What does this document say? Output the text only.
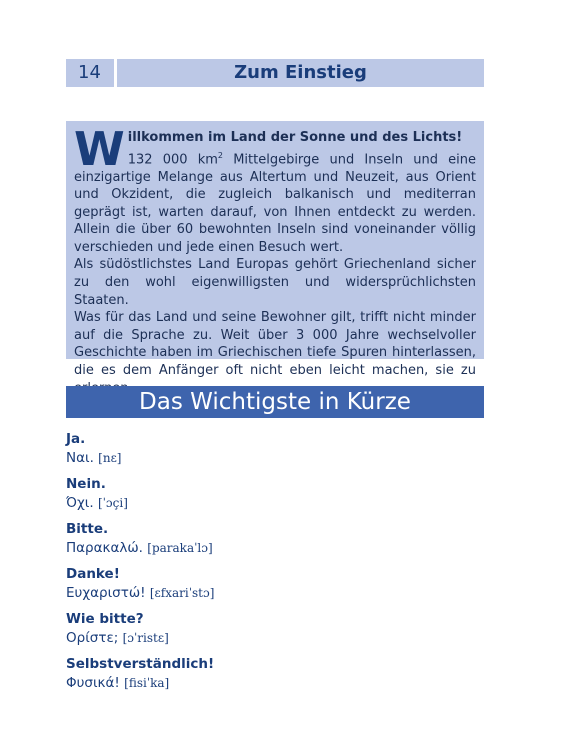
14	Zum Einstieg
W illkommen im Land der Sonne und des Lichts!
132 000 $km^2$ Mittelgebirge und Inseln und eine einzigartige Melange aus Altertum und Neuzeit, aus Orient und Okzident, die zugleich balkanisch und mediterran geprägt ist, warten darauf, von Ihnen entdeckt zu werden. Allein die über 60 bewohnten Inseln sind voneinander völlig verschieden und jede einen Besuch wert.

Als südöstlichstes Land Europas gehört Griechenland sicher zu den wohl eigenwilligsten und widersprüchlichsten Staaten.

Was für das Land und seine Bewohner gilt, trifft nicht minder auf die Sprache zu. Weit über 3 000 Jahre wechselvoller Geschichte haben im Griechischen tiefe Spuren hinterlassen, die es dem Anfänger oft nicht eben leicht machen, sie zu

Das Wichtigste in Kürze
Ja.
Ναι. [nɛ]
Nein.
Όχι. [ˈɔçi]
Bitte.
Παρακαλώ. [parakaˈlɔ]
Danke!
Ευχαριστώ! [ɛfxariˈstɔ]
Wie bitte?
Ορίστε; [ɔˈristɛ]
Selbstverständlich!
Φυσικά! [fisiˈka]
